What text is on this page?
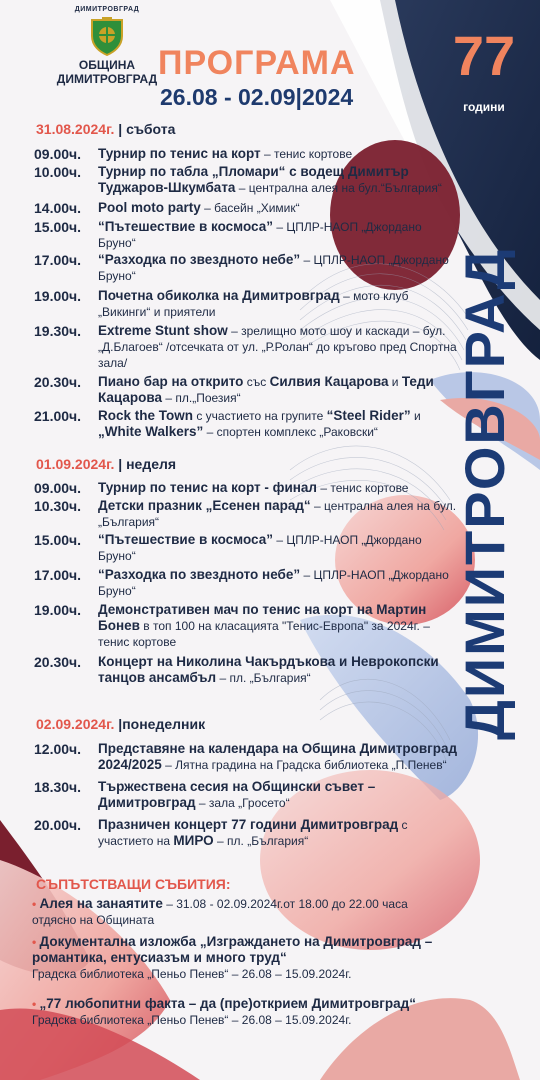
ДИМИТРОВГРАД
ОБЩИНА
ДИМИТРОВГРАД ПРОГРАМА
26.08 - 02.09|2024
77
години
ДИМИТРОВГРАД
31.08.2024г. | събота
09.00ч. Турнир по тенис на корт – тенис кортове
10.00ч. Турнир по табла „Пломари“ с водещ Димитър Туджаров-Шкумбата – централна алея на бул.“България“
14.00ч. Pool moto party – басейн „Химик“
15.00ч. “Пътешествие в космоса” – ЦПЛР-НАОП „Джордано Бруно“
17.00ч. “Разходка по звездното небе” – ЦПЛР-НАОП „Джордано Бруно“
19.00ч. Почетна обиколка на Димитровград – мото клуб „Викинги“ и приятели
19.30ч. Extreme Stunt show – зрелищно мото шоу и каскади – бул. „Д.Благоев“ /отсечката от ул. „Р.Ролан“ до кръгово пред Спортна зала/
20.30ч. Пиано бар на открито със Силвия Кацарова и Теди Кацарова – пл.„Поезия“
21.00ч. Rock the Town с участието на групите “Steel Rider” и „White Walkers” – спортен комплекс „Раковски“
01.09.2024г. | неделя
09.00ч. Турнир по тенис на корт - финал – тенис кортове
10.30ч. Детски празник „Есенен парад“ – централна алея на бул.„България“
15.00ч. “Пътешествие в космоса” – ЦПЛР-НАОП „Джордано Бруно“
17.00ч. “Разходка по звездното небе” – ЦПЛР-НАОП „Джордано Бруно“
19.00ч. Демонстративен мач по тенис на корт на Мартин Бонев в топ 100 на класацията "Тенис-Европа" за 2024г. – тенис кортове
20.30ч. Концерт на Николина Чакърдъкова и Неврокопски танцов ансамбъл – пл. „България“
02.09.2024г. |понеделник
12.00ч. Представяне на календара на Община Димитровград 2024/2025 – Лятна градина на Градска библиотека „П.Пенев“
18.30ч. Тържествена сесия на Общински съвет – Димитровград – зала „Гросето“
20.00ч. Празничен концерт 77 години Димитровград с участието на МИРО – пл. „България“
СЪПЪТСТВАЩИ СЪБИТИЯ:
• Алея на занаятите – 31.08 - 02.09.2024г.от 18.00 до 22.00 часа отдясно на Общината
• Документална изложба „Изграждането на Димитровград – романтика, ентусиазъм и много труд“
Градска библиотека „Пеньо Пенев“ – 26.08 – 15.09.2024г.
• „77 любопитни факта – да (пре)открием Димитровград“
Градска библиотека „Пеньо Пенев“ – 26.08 – 15.09.2024г.
